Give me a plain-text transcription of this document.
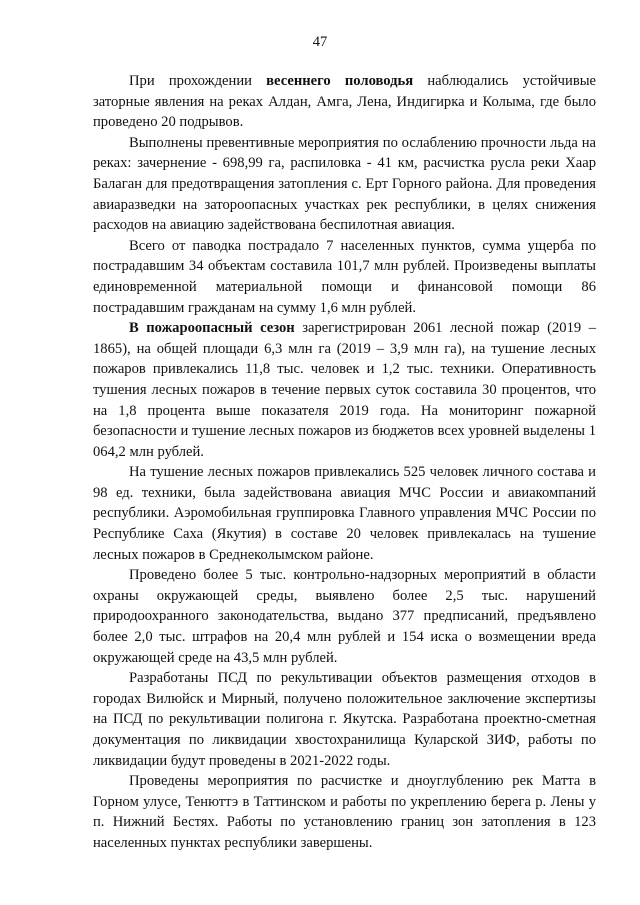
47

При прохождении весеннего половодья наблюдались устойчивые заторные явления на реках Алдан, Амга, Лена, Индигирка и Колыма, где было проведено 20 подрывов.

Выполнены превентивные мероприятия по ослаблению прочности льда на реках: зачернение - 698,99 га, распиловка - 41 км, расчистка русла реки Хаар Балаган для предотвращения затопления с. Ерт Горного района. Для проведения авиаразведки на затороопасных участках рек республики, в целях снижения расходов на авиацию задействована беспилотная авиация.

Всего от паводка пострадало 7 населенных пунктов, сумма ущерба по пострадавшим 34 объектам составила 101,7 млн рублей. Произведены выплаты единовременной материальной помощи и финансовой помощи 86 пострадавшим гражданам на сумму 1,6 млн рублей.

В пожароопасный сезон зарегистрирован 2061 лесной пожар (2019 – 1865), на общей площади 6,3 млн га (2019 – 3,9 млн га), на тушение лесных пожаров привлекались 11,8 тыс. человек и 1,2 тыс. техники. Оперативность тушения лесных пожаров в течение первых суток составила 30 процентов, что на 1,8 процента выше показателя 2019 года. На мониторинг пожарной безопасности и тушение лесных пожаров из бюджетов всех уровней выделены 1 064,2 млн рублей.

На тушение лесных пожаров привлекались 525 человек личного состава и 98 ед. техники, была задействована авиация МЧС России и авиакомпаний республики. Аэромобильная группировка Главного управления МЧС России по Республике Саха (Якутия) в составе 20 человек привлекалась на тушение лесных пожаров в Среднеколымском районе.

Проведено более 5 тыс. контрольно-надзорных мероприятий в области охраны окружающей среды, выявлено более 2,5 тыс. нарушений природоохранного законодательства, выдано 377 предписаний, предъявлено более 2,0 тыс. штрафов на 20,4 млн рублей и 154 иска о возмещении вреда окружающей среде на 43,5 млн рублей.

Разработаны ПСД по рекультивации объектов размещения отходов в городах Вилюйск и Мирный, получено положительное заключение экспертизы на ПСД по рекультивации полигона г. Якутска. Разработана проектно-сметная документация по ликвидации хвостохранилища Куларской ЗИФ, работы по ликвидации будут проведены в 2021-2022 годы.

Проведены мероприятия по расчистке и дноуглублению рек Матта в Горном улусе, Тенюттэ в Таттинском и работы по укреплению берега р. Лены у п. Нижний Бестях. Работы по установлению границ зон затопления в 123 населенных пунктах республики завершены.
